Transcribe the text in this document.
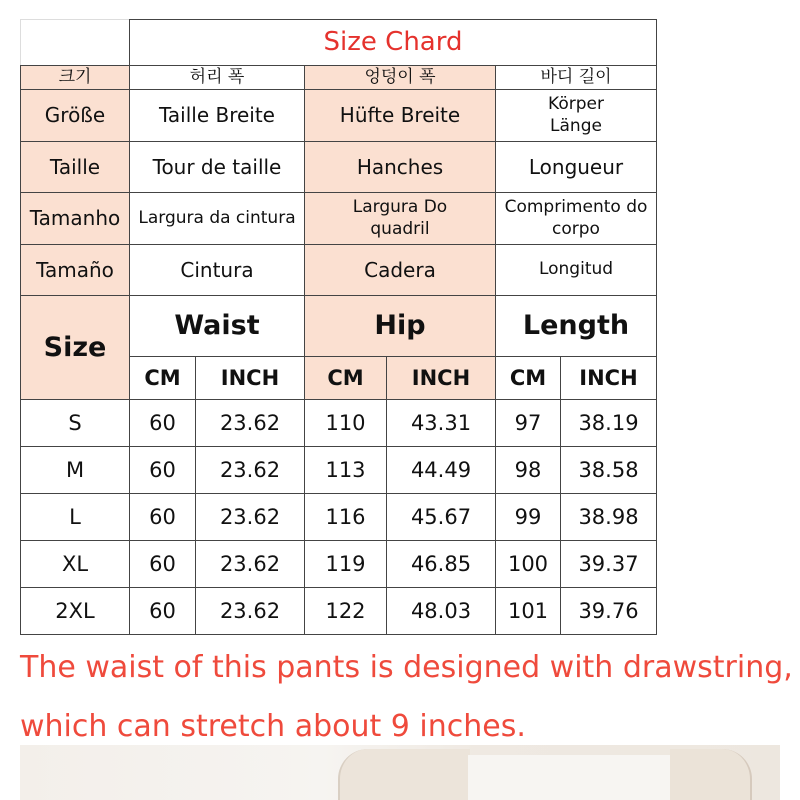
	Size Chard					
크기	허리 폭		엉덩이 폭		바디 길이	
Größe	Taille Breite		Hüfte Breite		Körper Länge	
Taille	Tour de taille		Hanches		Longueur	
Tamanho	Largura da cintura		Largura Do quadril		Comprimento do corpo	
Tamaño	Cintura		Cadera		Longitud	
Size	Waist		Hip		Length	
	CM	INCH	CM	INCH	CM	INCH
S	60	23.62	110	43.31	97	38.19
M	60	23.62	113	44.49	98	38.58
L	60	23.62	116	45.67	99	38.98
XL	60	23.62	119	46.85	100	39.37
2XL	60	23.62	122	48.03	101	39.76

The waist of this pants is designed with drawstring,

which can stretch about 9 inches.
